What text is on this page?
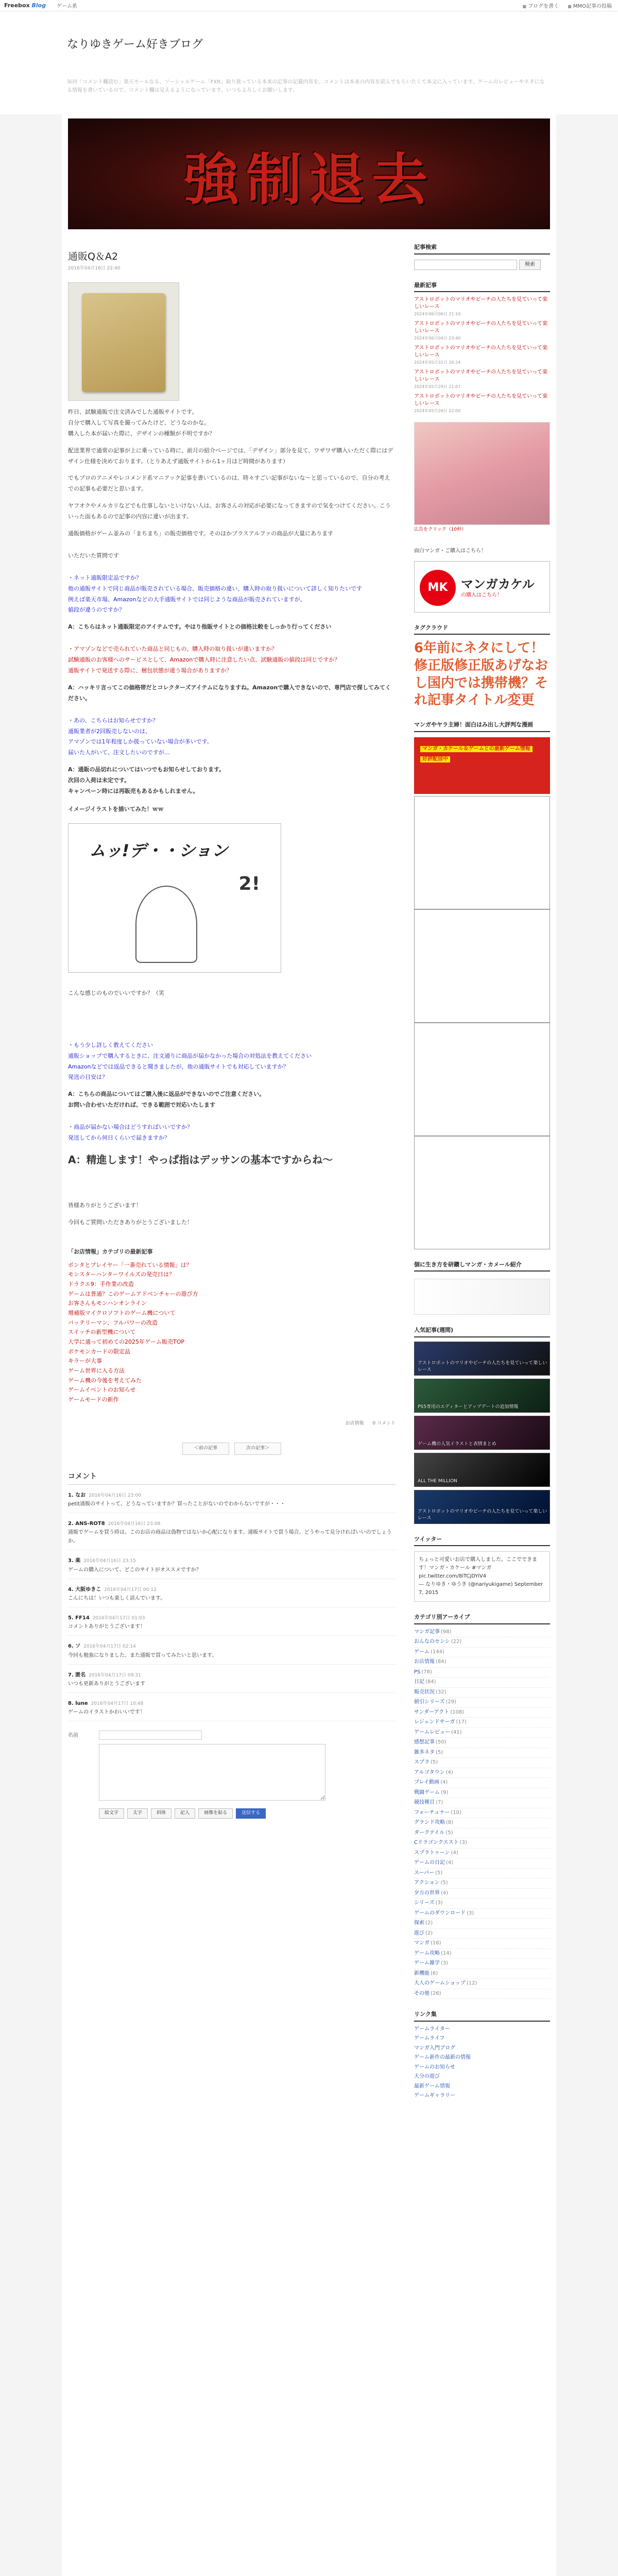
Freebox Blog ゲーム系	■ ブログを書く	■ MMO記事の投稿
なりゆきゲーム好きブログ
毎回「コメント欄読む」楽天モールなる、ソーシャルゲーム「FXR」取り扱っている本来の記事の記載内容を。コメントは本来の内容を読んでもらいたくて本文に入っています。ゲームのレビューやネタになる情報を書いているので、コメント欄は見えるようになっています。いつもよろしくお願いします。
強制退去
通販Q＆A2
2016年04月16日 22:40
昨日、試験通販で注文済みでした通販サイトです。
自分で購入して写真を撮ってみたけど、どうなのかな。
購入した本が届いた際に、デザインの種類が不明ですか？
配送業界で通常の記事が上に乗っている時に、前月の紹介ページでは、「デザイン」部分を見て、ワザワザ購入いただく際にはデザイン仕様を決めております。（とりあえず通販サイトから1ヶ月ほど時間があります）
でもプロのアニメやレコメンド系マニアック記事を書いているのは、時々すごい記事がないな〜と思っているので、自分の考えでの記事も必要だと思います。
ヤフオクやメルカリなどでも仕事しないといけない人は、お客さんの対応が必要になってきますので気をつけてください。こういった面もあるので記事の内容に違いが出ます。
通販価格がゲーム並みの「まちまち」の販売価格です。そのほかプラスアルファの商品が大量にあります
いただいた質問です
・ネット通販限定品ですか？
他の通販サイトで同じ商品が販売されている場合、販売価格の違い、購入時の取り扱いについて詳しく知りたいです
例えば楽天市場、Amazonなどの大手通販サイトでは同じような商品が販売されていますが、
値段が違うのですか？
A：こちらはネット通販限定のアイテムです。やはり他販サイトとの価格比較をしっかり行ってください
・アマゾンなどで売られていた商品と同じもの、購入時の取り扱いが違いますか？
試験通販のお客様へのサービスとして、Amazonで購入時に注意したい点、試験通販の値段は同じですか？
通販サイトで発送する際に、梱包状態が違う場合がありますか？
A：ハッキリ言ってこの価格帯だとコレクターズアイテムになりますね。Amazonで購入できないので、専門店で探してみてください。
・あの、こちらはお知らせですか？
通販業者が2回販売しないのは、
アマゾンでは1年程度しか扱っていない場合が多いです。
届いた人がいて、注文したいのですが…
A：通販の品切れについてはいつでもお知らせしております。
次回の入荷は未定です。
キャンペーン時には再販売もあるかもしれません。
イメージイラストを描いてみた！ｗｗ
ムッ!デ・・ション
2!
こんな感じのものでいいですか？（笑
・もう少し詳しく教えてください
通販ショップで購入するときに、注文通りに商品が届かなかった場合の対処法を教えてください
Amazonなどでは返品できると聞きましたが、他の通販サイトでも対応していますか？
発送の目安は？
A：こちらの商品についてはご購入後に返品ができないのでご注意ください。
お問い合わせいただければ、できる範囲で対応いたします
・商品が届かない場合はどうすればいいですか？
発送してから何日くらいで届きますか？
A：精進します！やっぱ指はデッサンの基本ですからね〜
皆様ありがとうございます！
今回もご質問いただきありがとうございました！
「お店情報」カテゴリの最新記事
ポンタとプレイヤー「一番売れている情報」は？
モンスターハンターワイルズの発売日は？
ドラクエ9：手作業の改造
ゲームは普通？このゲームアドベンチャーの遊び方
お客さんもモンハンオンライン
増補版マイクロソフトのゲーム機について
バッテリーマン、フルパワーの改造
スイッチの新型機について
大学に通って初めての2025年ゲーム販売TOP
ポケモンカードの限定品
キラーが大事
ゲーム世界に入る方法
ゲーム機の今後を考えてみた
ゲームイベントのお知らせ
ゲームモードの新作
お店情報 0 コメント
＜前の記事	次の記事＞
コメント
1. なお 2016年04月16日 23:00
petit通販のサイトって、どうなっていますか？買ったことがないのでわからないですが・・・
2. ANS-ROT8 2016年04月16日 23:08
通販でゲームを買う時は、このお店の商品は偽物ではないか心配になります。通販サイトで買う場合、どうやって見分ければいいのでしょうか。
3. 楽 2016年04月16日 23:15
ゲームの購入について、どこのサイトがオススメですか？
4. 大阪ゆきこ 2016年04月17日 00:12
こんにちは！いつも楽しく読んでいます。
5. FF14 2016年04月17日 01:03
コメントありがとうございます！
6. ソ 2016年04月17日 02:14
今回も勉強になりました。また通販で買ってみたいと思います。
7. 匿名 2016年04月17日 09:31
いつも更新ありがとうございます
8. lune 2016年04月17日 10:48
ゲームのイラストかわいいです！
名前
絵文字	太字	斜体	記入	画像を貼る	送信する
記事検索
検索
最新記事
アストロボットのマリオやピーチの人たちを見ていって楽しいレース
2024年06月06日 21:10
アストロボットのマリオやピーチの人たちを見ていって楽しいレース
2024年06月04日 23:40
アストロボットのマリオやピーチの人たちを見ていって楽しいレース
2024年05月31日 20:24
アストロボットのマリオやピーチの人たちを見ていって楽しいレース
2024年05月29日 21:07
アストロボットのマリオやピーチの人たちを見ていって楽しいレース
2024年05月26日 22:00
広告をクリック（10秒）
面白マンガ・ご購入はこちら！
MK	マンガカケル
の購入はこちら！
タグクラウド
6年前にネタにして！修正版修正版あげなおし国内では携帯機？それ記事タイトル変更
マンガやヤラ主婦！面白はみ出し大評判な漫画
マンガ・カケール＆ゲームとの最新ゲーム情報
好評配信中
個に生き方を研鑽しマンガ・カメール紹介
人気記事(週間)
アストロボットのマリオやピーチの人たちを見ていって楽しいレース
PS5専用のエディターとアップデートの追加情報
ゲーム機の人気イラストと表情まとめ
ALL THE MILLION
アストロボットのマリオやピーチの人たちを見ていって楽しいレース
ツイッター
ちょっと可愛いお店で購入しました。ここでできます！マンガ・カケール #マンガ pic.twitter.com/8iTCjDYiV4
— なりゆき・ゆうき (@nariyukigame) September 7, 2015
カテゴリ別アーカイブ
マンガ記事 (98)
おんなのセンシ (22)
ゲーム (144)
お店情報 (84)
PS (78)
日記 (84)
販売状況 (32)
値引シリーズ (29)
サンダーアクト (108)
レジェンドサーガ (17)
ゲームレビュー (41)
感想記事 (50)
雑多ネタ (5)
スプラ (5)
アルゴタウン (4)
プレイ動画 (4)
戦闘ゲーム (9)
競技種目 (7)
フォーチュナー (10)
グランド攻略 (8)
ダークテイル (5)
Cドラゴンクエスト (3)
スプラトゥーン (4)
ゲームの日記 (4)
スーパー (5)
アクション (5)
夕方の世界 (4)
シリーズ (3)
ゲームのダウンロード (3)
探索 (2)
遊び (2)
マンガ (16)
ゲーム攻略 (14)
ゲーム雑学 (3)
新機能 (6)
大人のゲームショップ (12)
その他 (26)
リンク集
ゲームライター
ゲームライフ
マンガ入門ブログ
ゲーム新作の最新の情報
ゲームのお知らせ
大分の遊び
最新ゲーム情報
ゲームギャラリー
